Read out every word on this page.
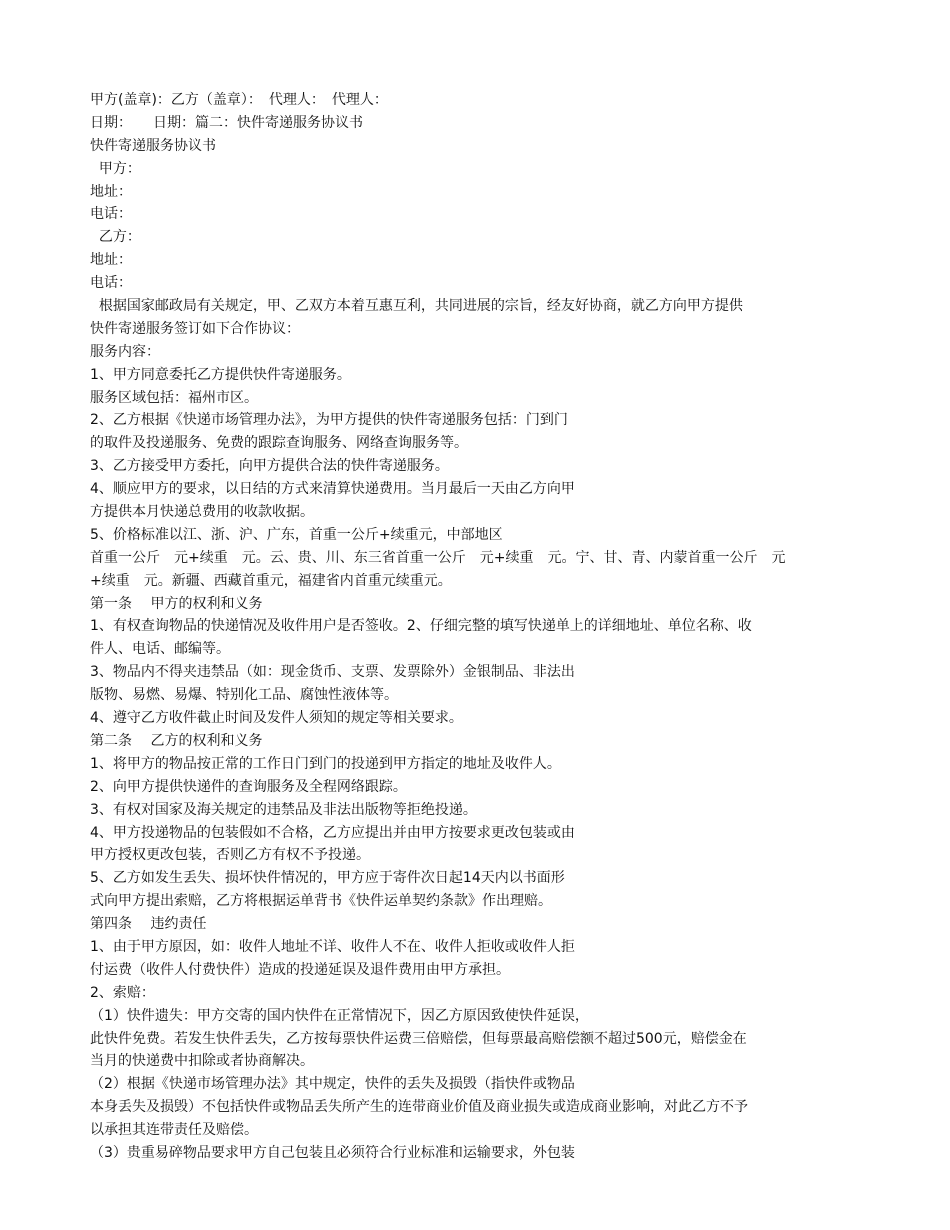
甲方(盖章)：乙方（盖章）：　代理人：　代理人：
日期：　　日期：篇二：快件寄递服务协议书
快件寄递服务协议书
甲方：
地址：
电话：
乙方：
地址：
电话：
根据国家邮政局有关规定，甲、乙双方本着互惠互利，共同进展的宗旨，经友好协商，就乙方向甲方提供
快件寄递服务签订如下合作协议：
服务内容：
1、甲方同意委托乙方提供快件寄递服务。
服务区域包括：福州市区。
2、乙方根据《快递市场管理办法》，为甲方提供的快件寄递服务包括：门到门
的取件及投递服务、免费的跟踪查询服务、网络查询服务等。
3、乙方接受甲方委托，向甲方提供合法的快件寄递服务。
4、顺应甲方的要求，以日结的方式来清算快递费用。当月最后一天由乙方向甲
方提供本月快递总费用的收款收据。
5、价格标准以江、浙、沪、广东，首重一公斤+续重元，中部地区
首重一公斤　元+续重　元。云、贵、川、东三省首重一公斤　元+续重　元。宁、甘、青、内蒙首重一公斤　元
+续重　元。新疆、西藏首重元，福建省内首重元续重元。
第一条　 甲方的权利和义务
1、有权查询物品的快递情况及收件用户是否签收。2、仔细完整的填写快递单上的详细地址、单位名称、收
件人、电话、邮编等。
3、物品内不得夹违禁品（如：现金货币、支票、发票除外）金银制品、非法出
版物、易燃、易爆、特别化工品、腐蚀性液体等。
4、遵守乙方收件截止时间及发件人须知的规定等相关要求。
第二条　 乙方的权利和义务
1、将甲方的物品按正常的工作日门到门的投递到甲方指定的地址及收件人。
2、向甲方提供快递件的查询服务及全程网络跟踪。
3、有权对国家及海关规定的违禁品及非法出版物等拒绝投递。
4、甲方投递物品的包装假如不合格，乙方应提出并由甲方按要求更改包装或由
甲方授权更改包装，否则乙方有权不予投递。
5、乙方如发生丢失、损坏快件情况的，甲方应于寄件次日起14天内以书面形
式向甲方提出索赔，乙方将根据运单背书《快件运单契约条款》作出理赔。
第四条　 违约责任
1、由于甲方原因，如：收件人地址不详、收件人不在、收件人拒收或收件人拒
付运费（收件人付费快件）造成的投递延误及退件费用由甲方承担。
2、索赔：
（1）快件遗失：甲方交寄的国内快件在正常情况下，因乙方原因致使快件延误，
此快件免费。若发生快件丢失，乙方按每票快件运费三倍赔偿，但每票最高赔偿额不超过500元，赔偿金在
当月的快递费中扣除或者协商解决。
（2）根据《快递市场管理办法》其中规定，快件的丢失及损毁（指快件或物品
本身丢失及损毁）不包括快件或物品丢失所产生的连带商业价值及商业损失或造成商业影响，对此乙方不予
以承担其连带责任及赔偿。
（3）贵重易碎物品要求甲方自己包装且必须符合行业标准和运输要求，外包装
